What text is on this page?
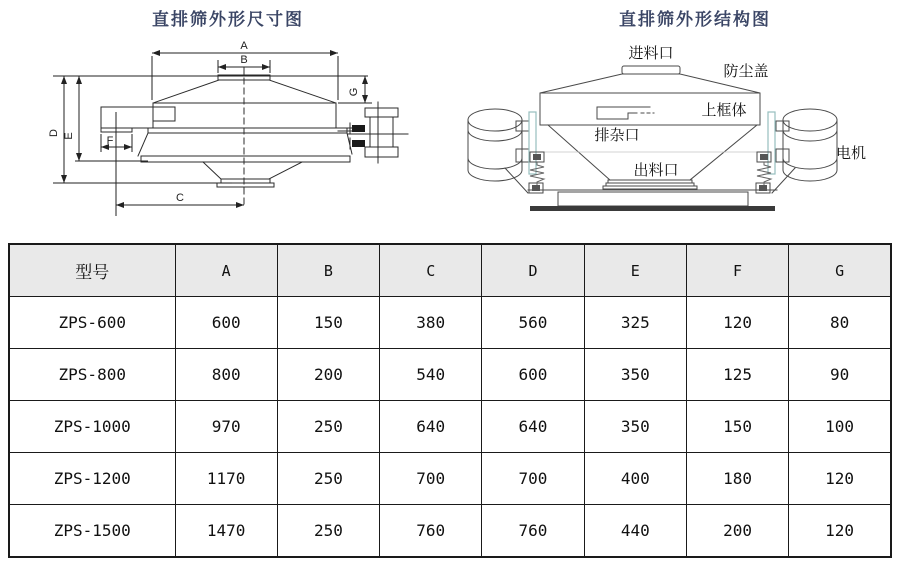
直排筛外形尺寸图	直排筛外形结构图
A
B
D E	F
C
G
进料口
防尘盖
上框体
排杂口
出料口
电机
型号	A	B	C	D	E	F	G
ZPS-600	600	150	380	560	325	120	80
ZPS-800	800	200	540	600	350	125	90
ZPS-1000	970	250	640	640	350	150	100
ZPS-1200	1170	250	700	700	400	180	120
ZPS-1500	1470	250	760	760	440	200	120
